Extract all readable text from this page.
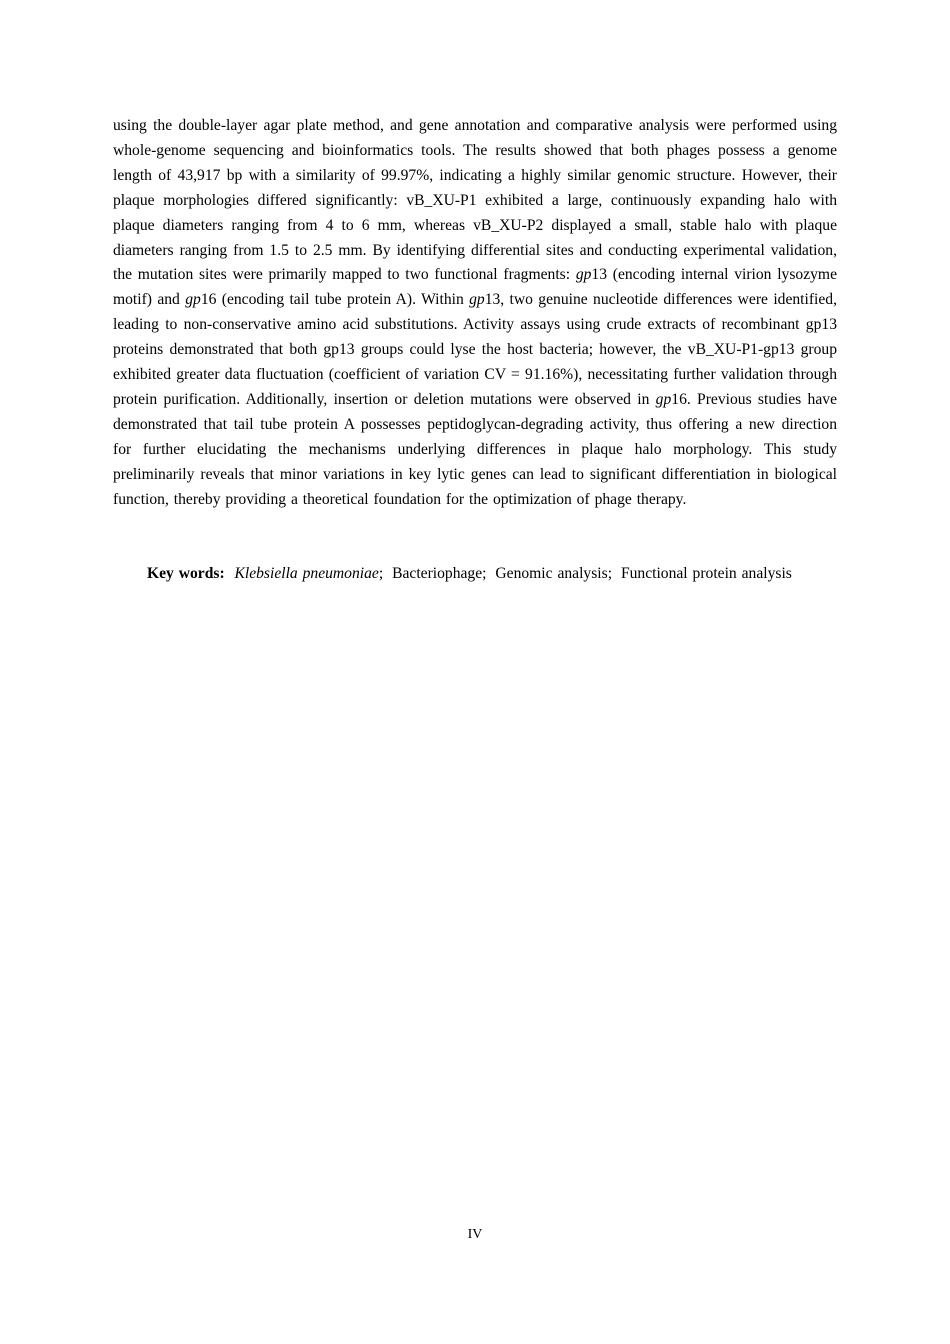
using the double-layer agar plate method, and gene annotation and comparative analysis were performed using whole-genome sequencing and bioinformatics tools. The results showed that both phages possess a genome length of 43,917 bp with a similarity of 99.97%, indicating a highly similar genomic structure. However, their plaque morphologies differed significantly: vB_XU-P1 exhibited a large, continuously expanding halo with plaque diameters ranging from 4 to 6 mm, whereas vB_XU-P2 displayed a small, stable halo with plaque diameters ranging from 1.5 to 2.5 mm. By identifying differential sites and conducting experimental validation, the mutation sites were primarily mapped to two functional fragments: gp13 (encoding internal virion lysozyme motif) and gp16 (encoding tail tube protein A). Within gp13, two genuine nucleotide differences were identified, leading to non-conservative amino acid substitutions. Activity assays using crude extracts of recombinant gp13 proteins demonstrated that both gp13 groups could lyse the host bacteria; however, the vB_XU-P1-gp13 group exhibited greater data fluctuation (coefficient of variation CV = 91.16%), necessitating further validation through protein purification. Additionally, insertion or deletion mutations were observed in gp16. Previous studies have demonstrated that tail tube protein A possesses peptidoglycan-degrading activity, thus offering a new direction for further elucidating the mechanisms underlying differences in plaque halo morphology. This study preliminarily reveals that minor variations in key lytic genes can lead to significant differentiation in biological function, thereby providing a theoretical foundation for the optimization of phage therapy.

Key words: Klebsiella pneumoniae; Bacteriophage; Genomic analysis; Functional protein analysis

IV
